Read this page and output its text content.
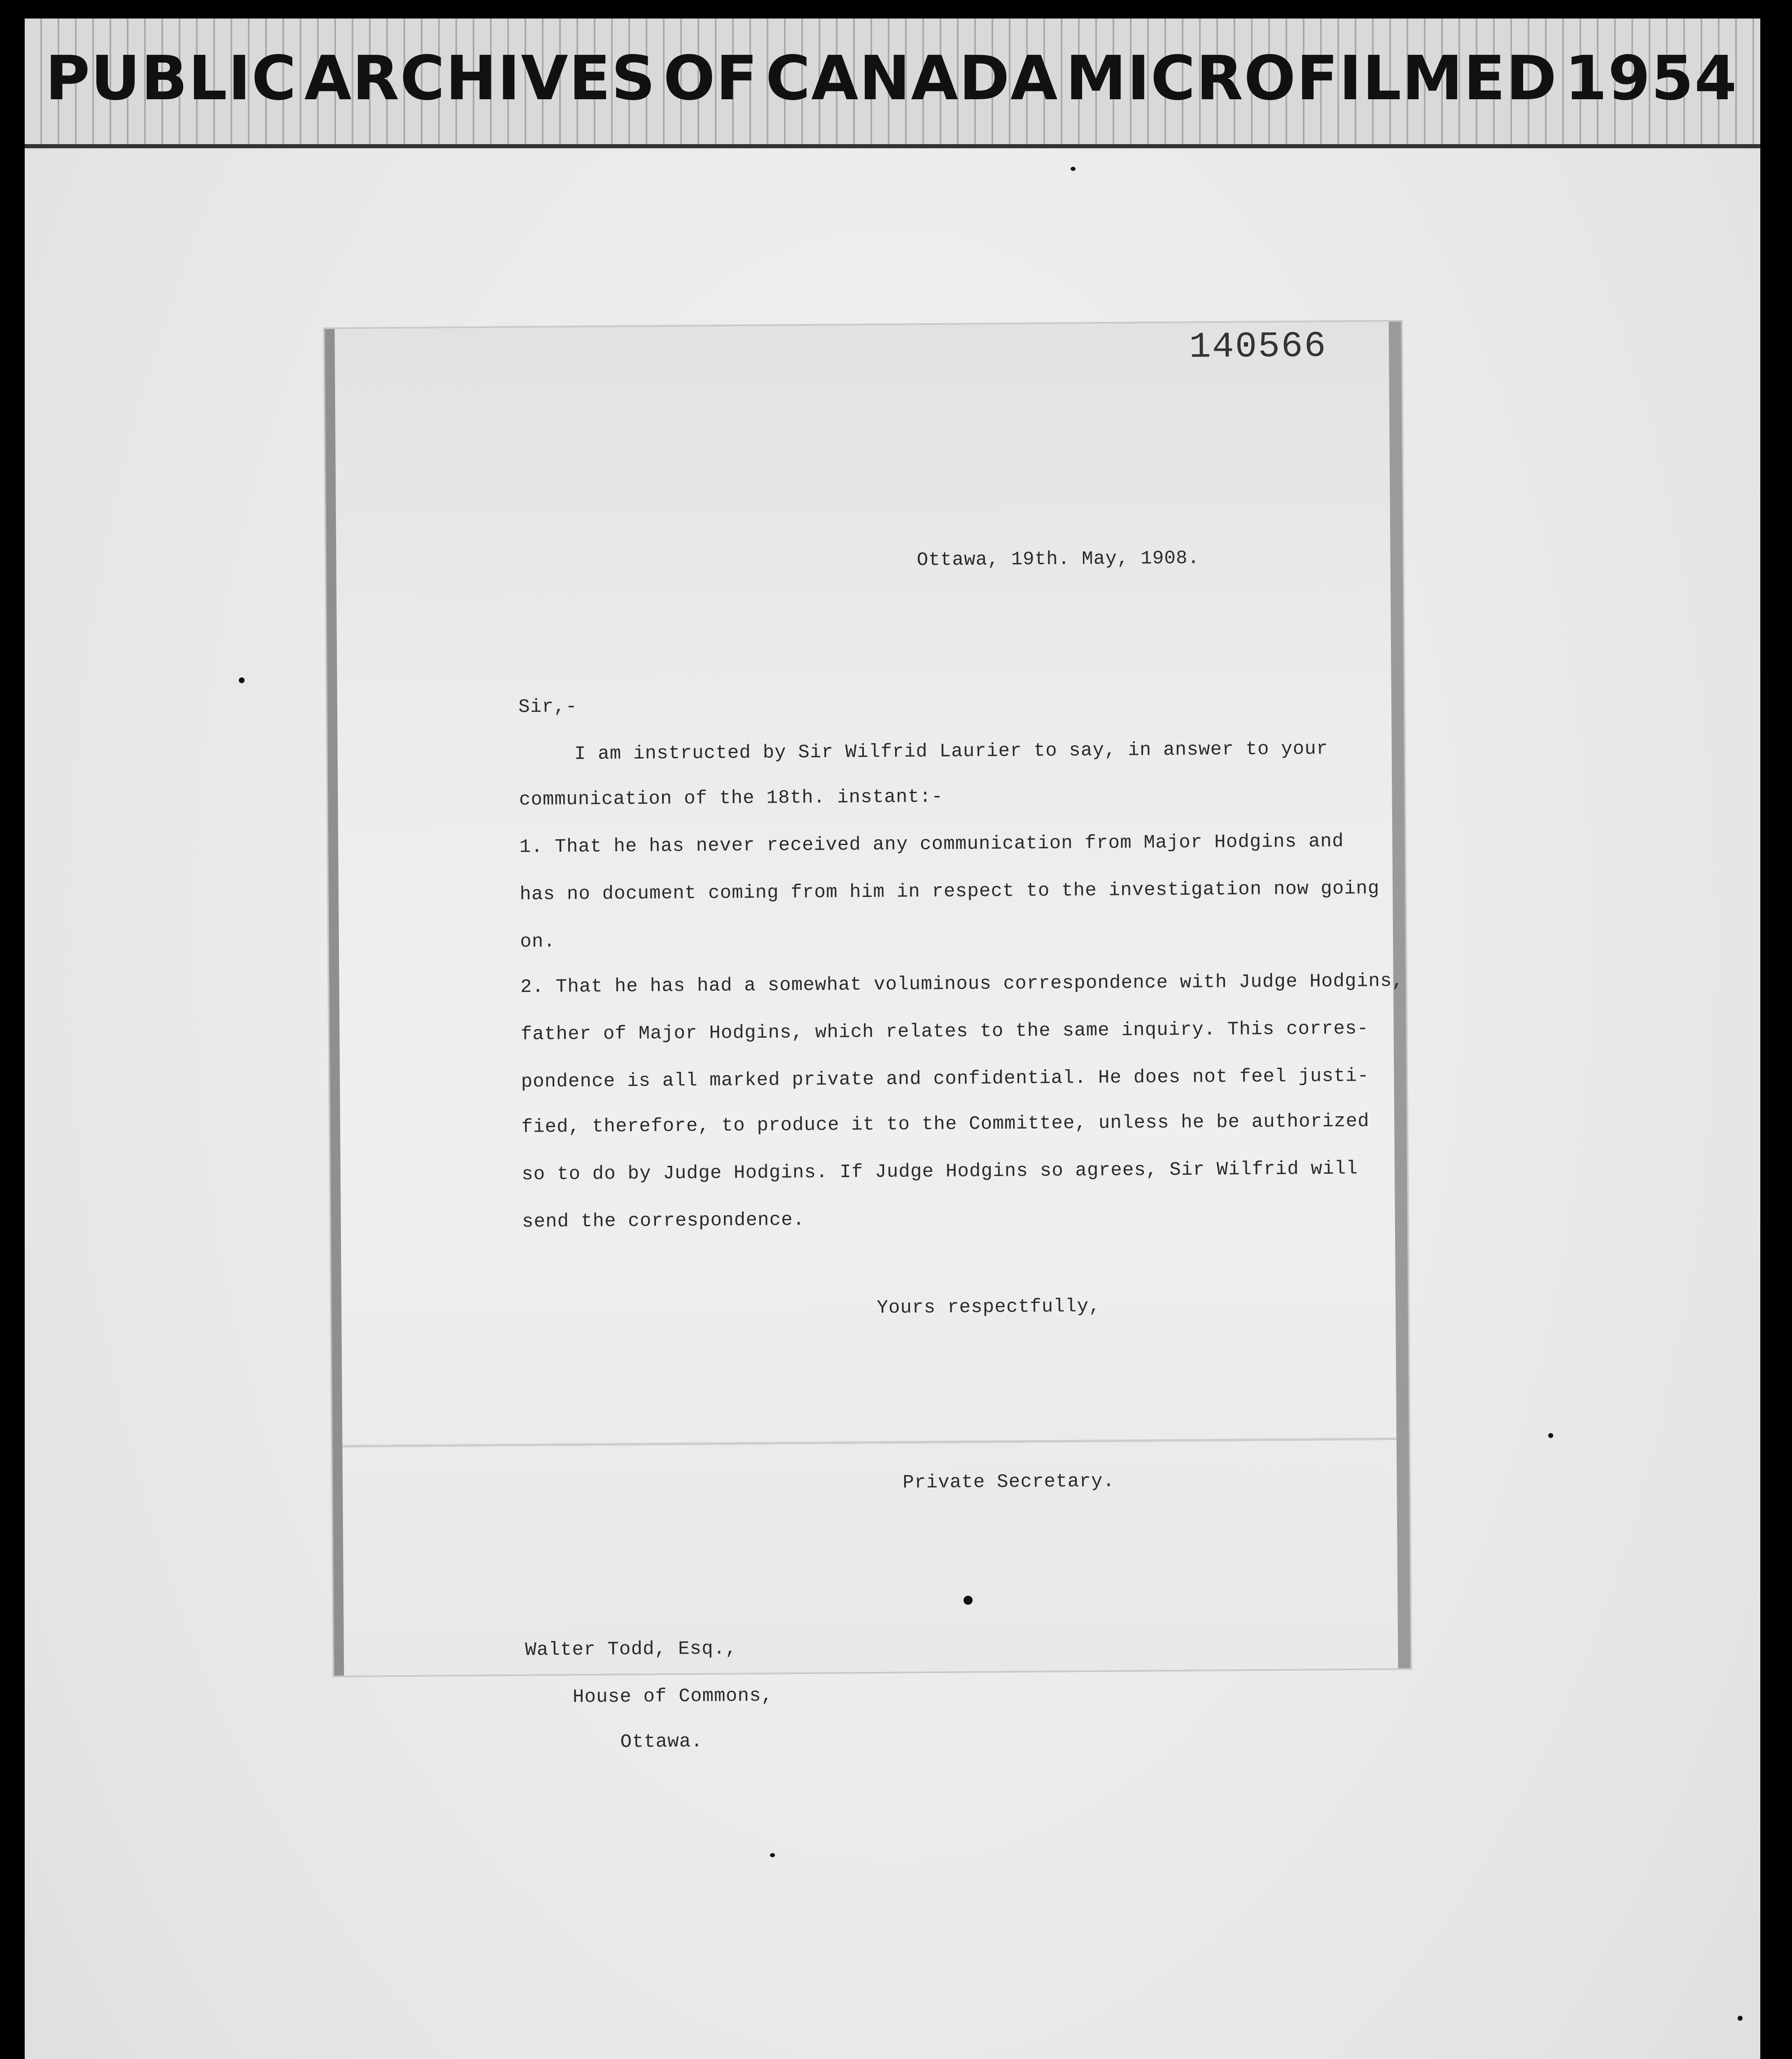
PUBLIC ARCHIVES OF CANADA MICROFILMED 1954
140566
Ottawa, 19th. May, 1908.
Sir,-
I am instructed by Sir Wilfrid Laurier to say, in answer to your
communication of the 18th. instant:-
1. That he has never received any communication from Major Hodgins and
has no document coming from him in respect to the investigation now going
on.
2. That he has had a somewhat voluminous correspondence with Judge Hodgins,
father of Major Hodgins, which relates to the same inquiry. This corres-
pondence is all marked private and confidential. He does not feel justi-
fied, therefore, to produce it to the Committee, unless he be authorized
so to do by Judge Hodgins. If Judge Hodgins so agrees, Sir Wilfrid will
send the correspondence.
Yours respectfully,
Private Secretary.
Walter Todd, Esq.,
House of Commons,
Ottawa.
